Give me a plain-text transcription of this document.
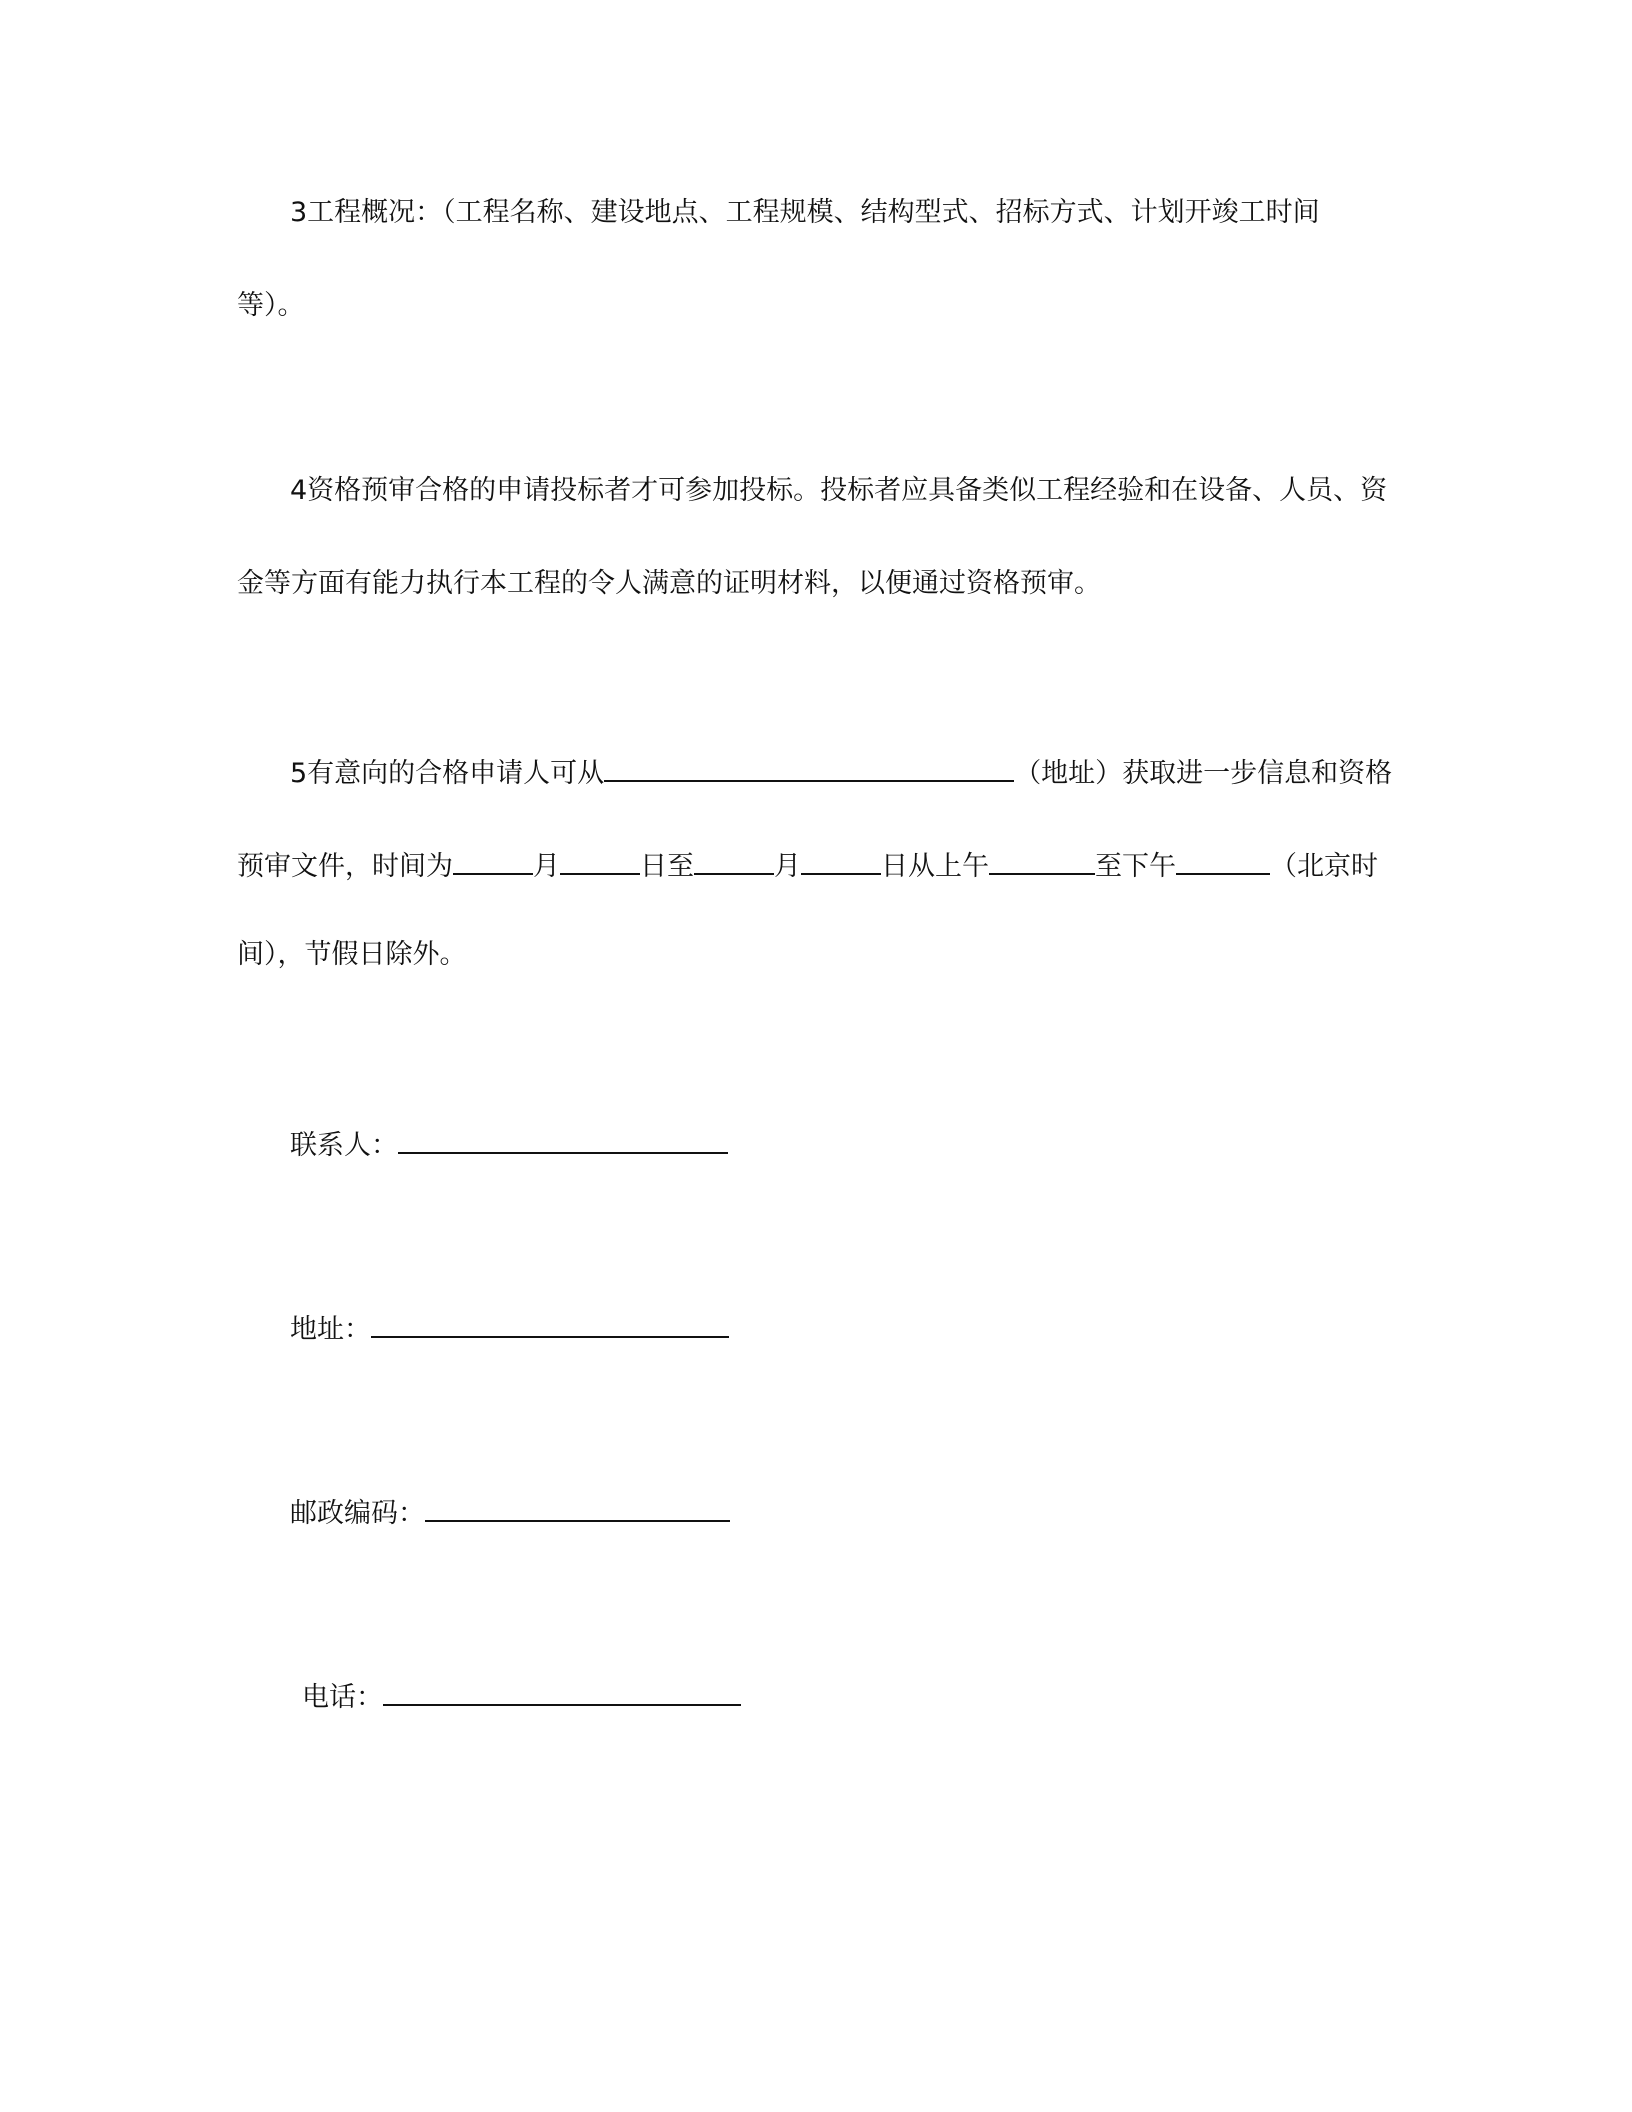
3工程概况：（工程名称、建设地点、工程规模、结构型式、招标方式、计划开竣工时间
等）。
4资格预审合格的申请投标者才可参加投标。投标者应具备类似工程经验和在设备、人员、资
金等方面有能力执行本工程的令人满意的证明材料，以便通过资格预审。
5有意向的合格申请人可从	（地址）获取进一步信息和资格
预审文件，时间为	月	日至	月	日从上午	至下午	（北京时
间），节假日除外。
联系人：
地址：
邮政编码：
电话：
